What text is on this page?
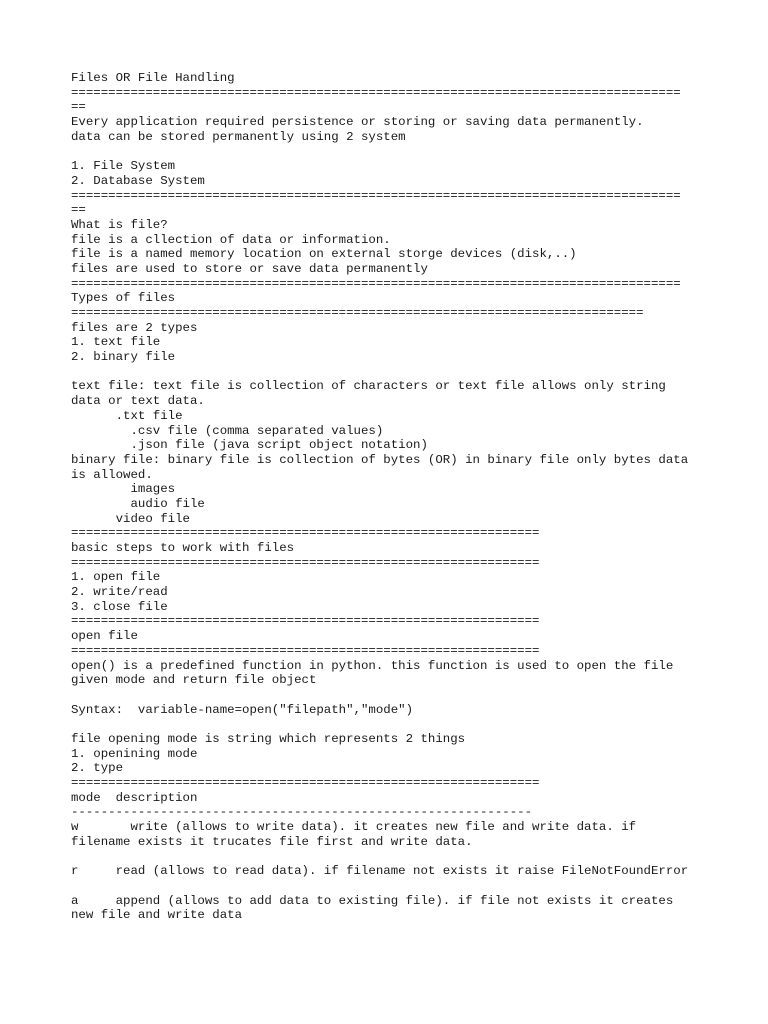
Files OR File Handling
==================================================================================
==
Every application required persistence or storing or saving data permanently.
data can be stored permanently using 2 system
1. File System
2. Database System
==================================================================================
==
What is file?
file is a cllection of data or information.
file is a named memory location on external storge devices (disk,..)
files are used to store or save data permanently
==================================================================================
Types of files
=============================================================================
files are 2 types
1. text file
2. binary file
text file: text file is collection of characters or text file allows only string
data or text data.
.txt file
.csv file (comma separated values)
.json file (java script object notation)
binary file: binary file is collection of bytes (OR) in binary file only bytes data
is allowed.
images
audio file
video file
===============================================================
basic steps to work with files
===============================================================
1. open file
2. write/read
3. close file
===============================================================
open file
===============================================================
open() is a predefined function in python. this function is used to open the file
given mode and return file object
Syntax:  variable-name=open("filepath","mode")
file opening mode is string which represents 2 things
1. openining mode
2. type
===============================================================
mode  description
--------------------------------------------------------------
w       write (allows to write data). it creates new file and write data. if
filename exists it trucates file first and write data.
r     read (allows to read data). if filename not exists it raise FileNotFoundError
a     append (allows to add data to existing file). if file not exists it creates
new file and write data
